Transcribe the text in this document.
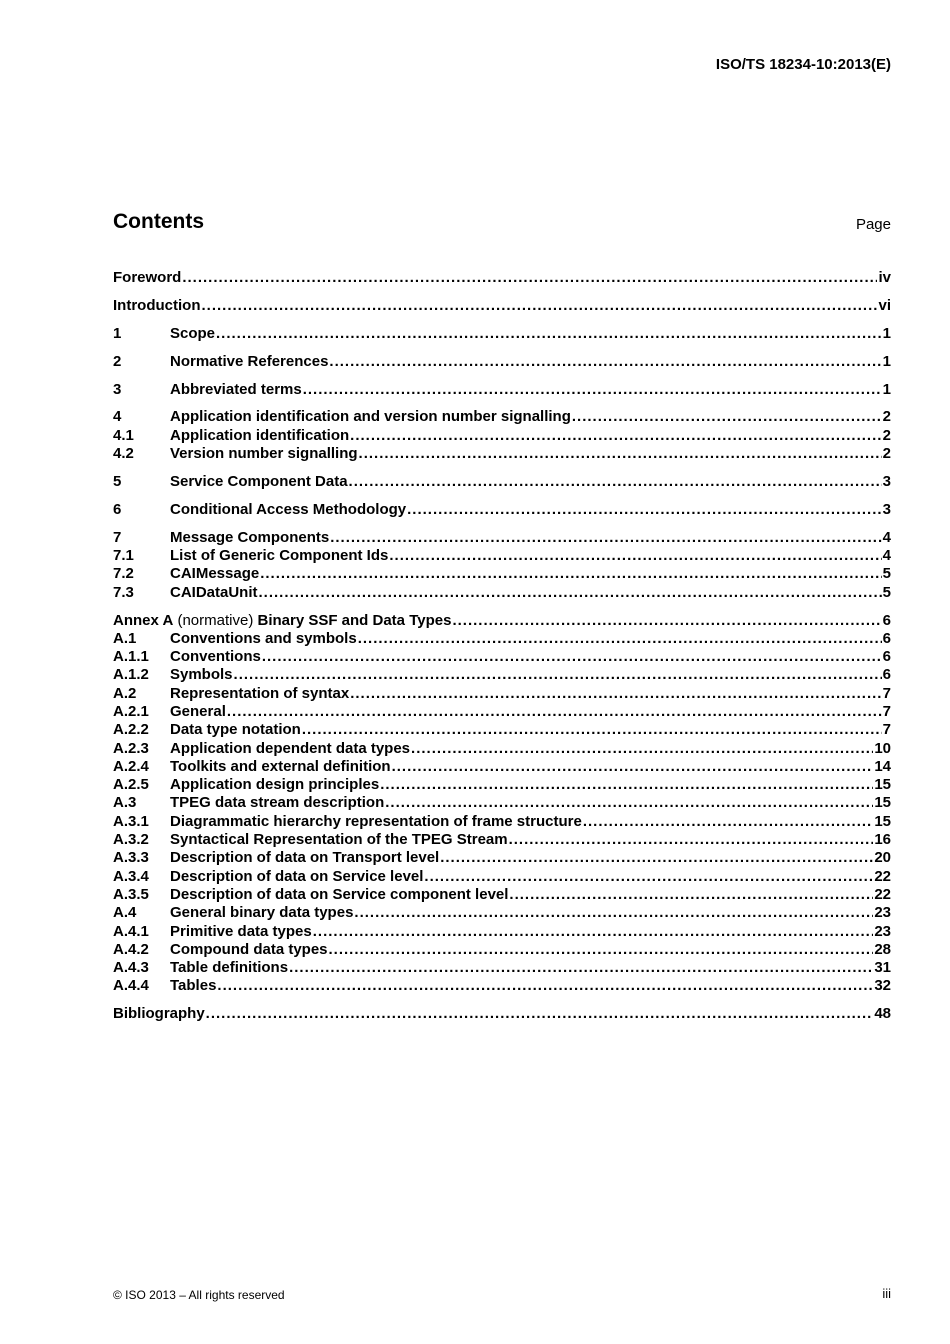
ISO/TS 18234-10:2013(E)
Contents	Page
Foreword .....	iv
Introduction .....	vi
1	Scope .....	1
2	Normative References .....	1
3	Abbreviated terms .....	1
4	Application identification and version number signalling .....	2
4.1	Application identification .....	2
4.2	Version number signalling .....	2
5	Service Component Data .....	3
6	Conditional Access Methodology .....	3
7	Message Components .....	4
7.1	List of Generic Component Ids .....	4
7.2	CAIMessage .....	5
7.3	CAIDataUnit .....	5
Annex A (normative) Binary SSF and Data Types .....	6
A.1	Conventions and symbols .....	6
A.1.1	Conventions .....	6
A.1.2	Symbols .....	6
A.2	Representation of syntax .....	7
A.2.1	General .....	7
A.2.2	Data type notation .....	7
A.2.3	Application dependent data types .....	10
A.2.4	Toolkits and external definition .....	14
A.2.5	Application design principles .....	15
A.3	TPEG data stream description .....	15
A.3.1	Diagrammatic hierarchy representation of frame structure .....	15
A.3.2	Syntactical Representation of the TPEG Stream .....	16
A.3.3	Description of data on Transport level .....	20
A.3.4	Description of data on Service level .....	22
A.3.5	Description of data on Service component level .....	22
A.4	General binary data types .....	23
A.4.1	Primitive data types .....	23
A.4.2	Compound data types .....	28
A.4.3	Table definitions .....	31
A.4.4	Tables .....	32
Bibliography .....	48
© ISO 2013 – All rights reserved	iii
